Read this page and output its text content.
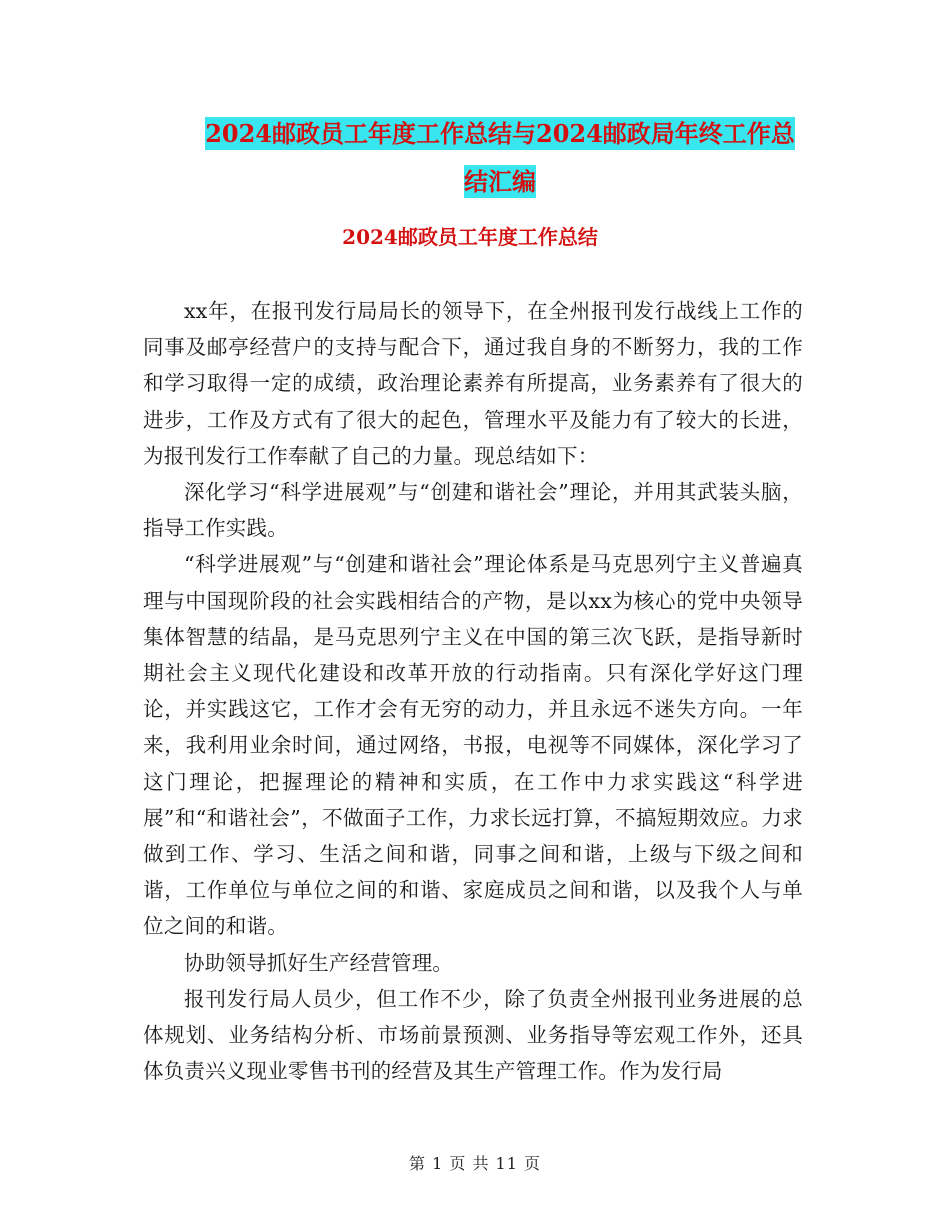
2024邮政员工年度工作总结与2024邮政局年终工作总
结汇编
2024邮政员工年度工作总结

xx年，在报刊发行局局长的领导下，在全州报刊发行战线上工作的同事及邮亭经营户的支持与配合下，通过我自身的不断努力，我的工作和学习取得一定的成绩，政治理论素养有所提高，业务素养有了很大的进步，工作及方式有了很大的起色，管理水平及能力有了较大的长进，为报刊发行工作奉献了自己的力量。现总结如下：

深化学习“科学进展观”与“创建和谐社会”理论，并用其武装头脑，指导工作实践。

“科学进展观”与“创建和谐社会”理论体系是马克思列宁主义普遍真理与中国现阶段的社会实践相结合的产物，是以xx为核心的党中央领导集体智慧的结晶，是马克思列宁主义在中国的第三次飞跃，是指导新时期社会主义现代化建设和改革开放的行动指南。只有深化学好这门理论，并实践这它，工作才会有无穷的动力，并且永远不迷失方向。一年来，我利用业余时间，通过网络，书报，电视等不同媒体，深化学习了这门理论，把握理论的精神和实质，在工作中力求实践这“科学进展”和“和谐社会”，不做面子工作，力求长远打算，不搞短期效应。力求做到工作、学习、生活之间和谐，同事之间和谐，上级与下级之间和谐，工作单位与单位之间的和谐、家庭成员之间和谐，以及我个人与单位之间的和谐。

协助领导抓好生产经营管理。

报刊发行局人员少，但工作不少，除了负责全州报刊业务进展的总体规划、业务结构分析、市场前景预测、业务指导等宏观工作外，还具体负责兴义现业零售书刊的经营及其生产管理工作。作为发行局

第 1 页 共 11 页
